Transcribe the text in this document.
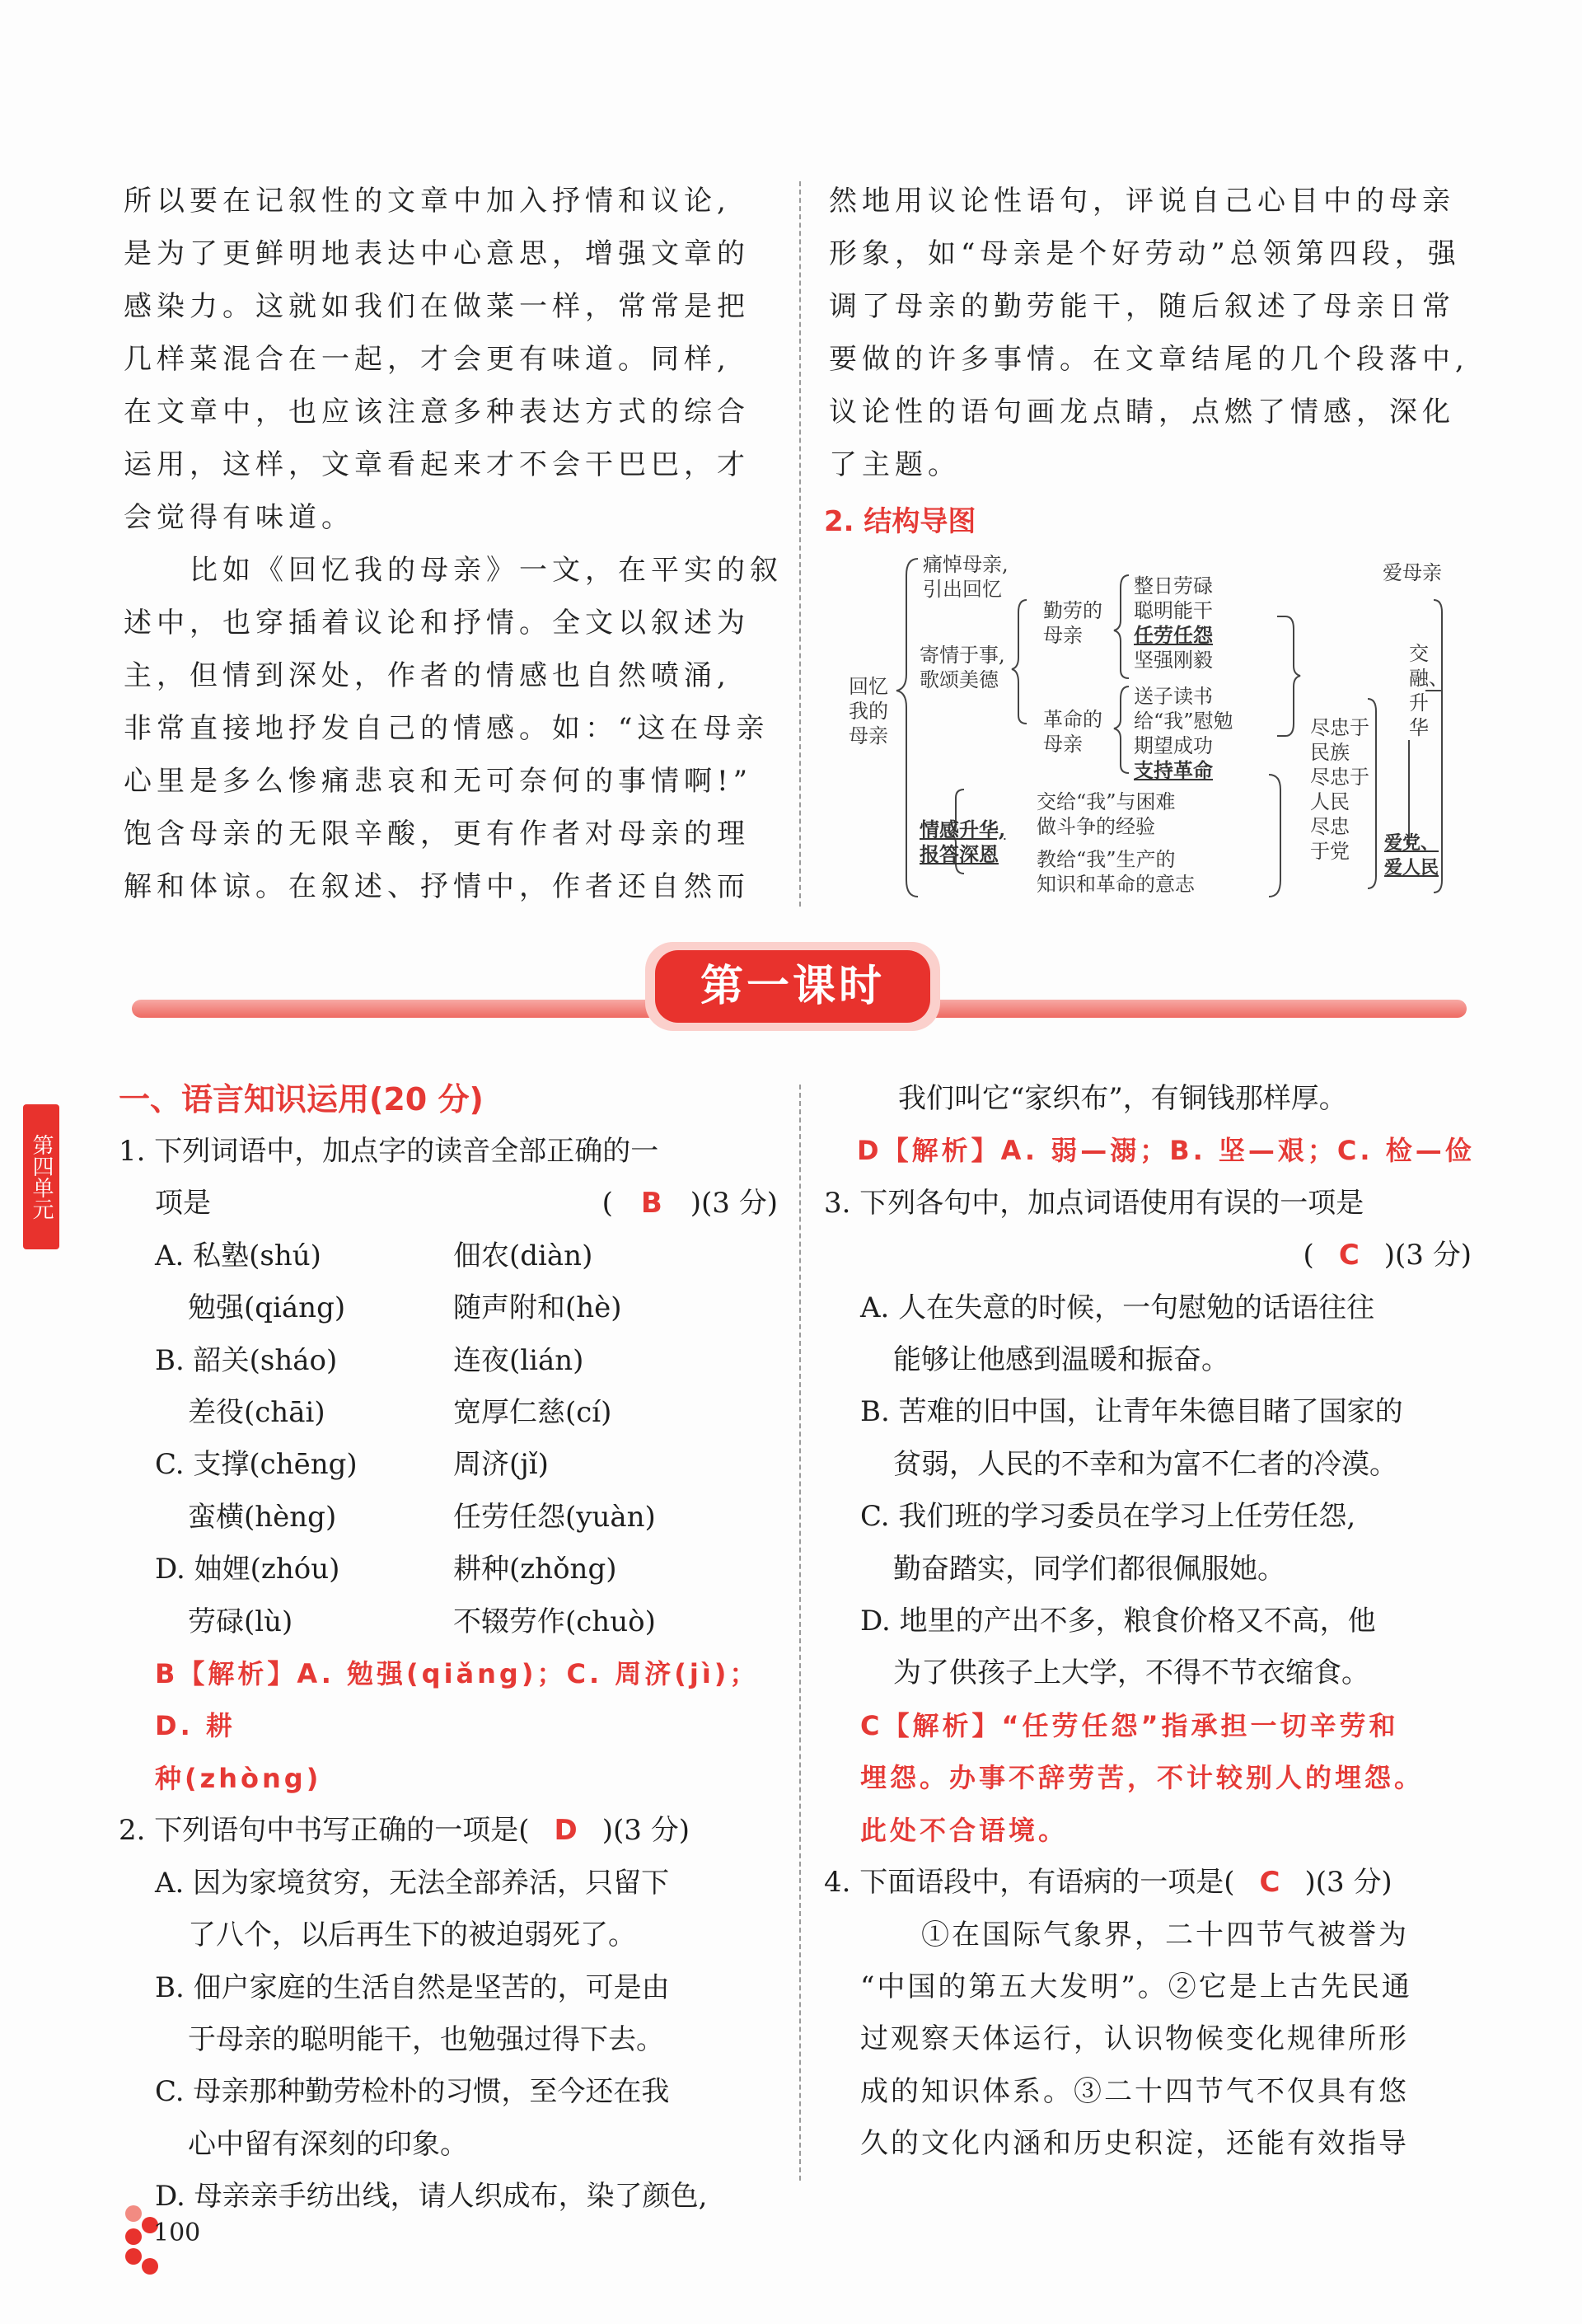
所以要在记叙性的文章中加入抒情和议论,
是为了更鲜明地表达中心意思，增强文章的
感染力。这就如我们在做菜一样，常常是把
几样菜混合在一起，才会更有味道。同样,
在文章中，也应该注意多种表达方式的综合
运用，这样，文章看起来才不会干巴巴，才
会觉得有味道。
　　比如《回忆我的母亲》一文，在平实的叙
述中，也穿插着议论和抒情。全文以叙述为
主，但情到深处，作者的情感也自然喷涌,
非常直接地抒发自己的情感。如：“这在母亲
心里是多么惨痛悲哀和无可奈何的事情啊!”
饱含母亲的无限辛酸，更有作者对母亲的理
解和体谅。在叙述、抒情中，作者还自然而
然地用议论性语句，评说自己心目中的母亲
形象，如“母亲是个好劳动”总领第四段，强
调了母亲的勤劳能干，随后叙述了母亲日常
要做的许多事情。在文章结尾的几个段落中,
议论性的语句画龙点睛，点燃了情感，深化
了主题。
2. 结构导图
回忆
我的
母亲
痛悼母亲,
引出回忆
寄情于事,
歌颂美德
情感升华,
报答深恩
勤劳的
母亲
革命的
母亲
整日劳碌
聪明能干
任劳任怨
坚强刚毅
送子读书
给“我”慰勉
期望成功
支持革命
交给“我”与困难
做斗争的经验
教给“我”生产的
知识和革命的意志
尽忠于
民族
尽忠于
人民
尽忠
于党
爱母亲
交
融、
升
华
爱党、
爱人民
第一课时
第四单元
一、语言知识运用(20 分)
1. 下列词语中，加点字的读音全部正确的一
项是	( B )(3 分)
A. 私塾(shú)	佃农(diàn)
勉强(qiáng)	随声附和(hè)
B. 韶关(sháo)	连夜(lián)
差役(chāi)	宽厚仁慈(cí)
C. 支撑(chēng)	周济(jǐ)
蛮横(hèng)	任劳任怨(yuàn)
D. 妯娌(zhóu)	耕种(zhǒng)
劳碌(lù)	不辍劳作(chuò)
B【解析】A. 勉强(qiǎng)；C. 周济(jì)；D. 耕
种(zhòng)
2. 下列语句中书写正确的一项是( D )(3 分)
A. 因为家境贫穷，无法全部养活，只留下
了八个，以后再生下的被迫弱死了。
B. 佃户家庭的生活自然是坚苦的，可是由
于母亲的聪明能干，也勉强过得下去。
C. 母亲那种勤劳检朴的习惯，至今还在我
心中留有深刻的印象。
D. 母亲亲手纺出线，请人织成布，染了颜色,
我们叫它“家织布”，有铜钱那样厚。
D【解析】A. 弱—溺；B. 坚—艰；C. 检—俭
3. 下列各句中，加点词语使用有误的一项是
( C )(3 分)
A. 人在失意的时候，一句慰勉的话语往往
能够让他感到温暖和振奋。
B. 苦难的旧中国，让青年朱德目睹了国家的
贫弱，人民的不幸和为富不仁者的冷漠。
C. 我们班的学习委员在学习上任劳任怨,
勤奋踏实，同学们都很佩服她。
D. 地里的产出不多，粮食价格又不高，他
为了供孩子上大学，不得不节衣缩食。
C【解析】“任劳任怨”指承担一切辛劳和
埋怨。办事不辞劳苦，不计较别人的埋怨。
此处不合语境。
4. 下面语段中，有语病的一项是( C )(3 分)
　　①在国际气象界，二十四节气被誉为
“中国的第五大发明”。②它是上古先民通
过观察天体运行，认识物候变化规律所形
成的知识体系。③二十四节气不仅具有悠
久的文化内涵和历史积淀，还能有效指导
100
